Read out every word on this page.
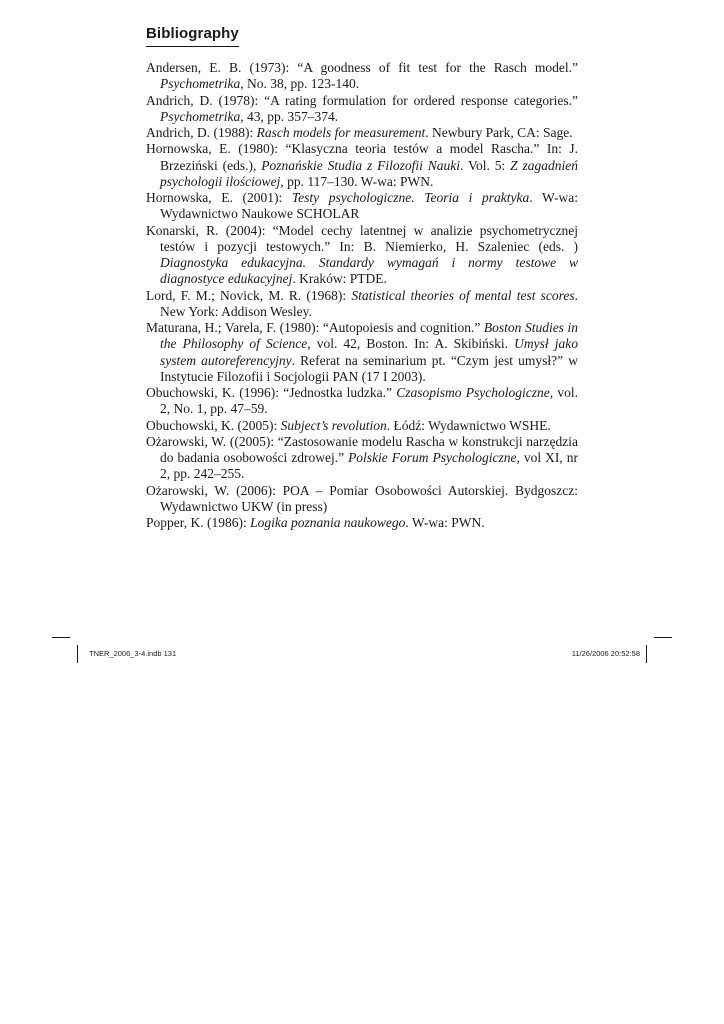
Bibliography
Andersen, E. B. (1973): “A goodness of fit test for the Rasch model.” Psychometrika, No. 38, pp. 123-140.
Andrich, D. (1978): “A rating formulation for ordered response categories.” Psychometrika, 43, pp. 357–374.
Andrich, D. (1988): Rasch models for measurement. Newbury Park, CA: Sage.
Hornowska, E. (1980): “Klasyczna teoria testów a model Rascha.” In: J. Brzeziński (eds.), Poznańskie Studia z Filozofii Nauki. Vol. 5: Z zagadnień psychologii ilościowej, pp. 117–130. W-wa: PWN.
Hornowska, E. (2001): Testy psychologiczne. Teoria i praktyka. W-wa: Wydawnictwo Naukowe SCHOLAR
Konarski, R. (2004): “Model cechy latentnej w analizie psychometrycznej testów i pozycji testowych.” In: B. Niemierko, H. Szaleniec (eds. ) Diagnostyka edukacyjna. Standardy wymagań i normy testowe w diagnostyce edukacyjnej. Kraków: PTDE.
Lord, F. M.; Novick, M. R. (1968): Statistical theories of mental test scores. New York: Addison Wesley.
Maturana, H.; Varela, F. (1980): “Autopoiesis and cognition.” Boston Studies in the Philosophy of Science, vol. 42, Boston. In: A. Skibiński. Umysł jako system autoreferencyjny. Referat na seminarium pt. “Czym jest umysł?” w Instytucie Filozofii i Socjologii PAN (17 I 2003).
Obuchowski, K. (1996): “Jednostka ludzka.” Czasopismo Psychologiczne, vol. 2, No. 1, pp. 47–59.
Obuchowski, K. (2005): Subject’s revolution. Łódź: Wydawnictwo WSHE.
Ożarowski, W. ((2005): “Zastosowanie modelu Rascha w konstrukcji narzędzia do badania osobowości zdrowej.” Polskie Forum Psychologiczne, vol XI, nr 2, pp. 242–255.
Ożarowski, W. (2006): POA – Pomiar Osobowości Autorskiej. Bydgoszcz: Wydawnictwo UKW (in press)
Popper, K. (1986): Logika poznania naukowego. W-wa: PWN.
TNER_2006_3-4.indb 131	11/26/2006 20:52:58
